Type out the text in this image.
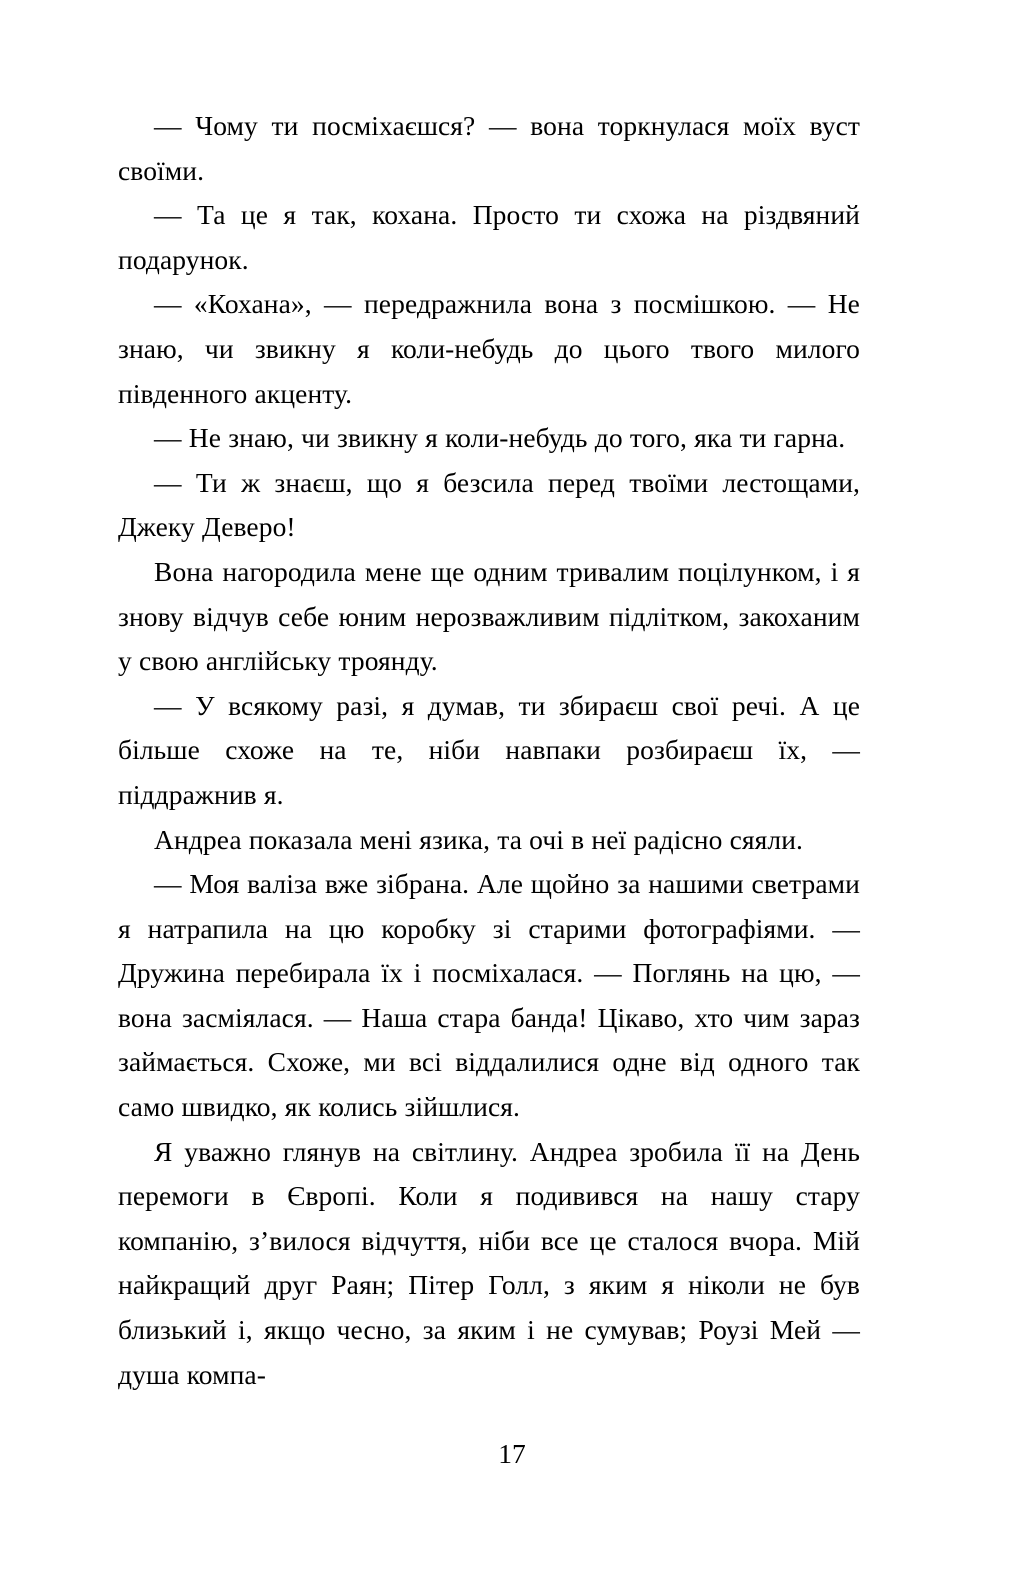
— Чому ти посміхаєшся? — вона торкнулася моїх вуст своїми.

— Та це я так, кохана. Просто ти схожа на різдвяний подарунок.

— «Кохана», — передражнила вона з посмішкою. — Не знаю, чи звикну я коли-небудь до цього твого милого південного акценту.

— Не знаю, чи звикну я коли-небудь до того, яка ти гарна.

— Ти ж знаєш, що я безсила перед твоїми лестощами, Джеку Деверо!

Вона нагородила мене ще одним тривалим поцілунком, і я знову відчув себе юним нерозважливим підлітком, закоханим у свою англійську троянду.

— У всякому разі, я думав, ти збираєш свої речі. А це більше схоже на те, ніби навпаки розбираєш їх, — піддражнив я.

Андреа показала мені язика, та очі в неї радісно сяяли.

— Моя валіза вже зібрана. Але щойно за нашими светрами я натрапила на цю коробку зі старими фотографіями. — Дружина перебирала їх і посміхалася. — Поглянь на цю, — вона засміялася. — Наша стара банда! Цікаво, хто чим зараз займається. Схоже, ми всі віддалилися одне від одного так само швидко, як колись зійшлися.

Я уважно глянув на світлину. Андреа зробила її на День перемоги в Європі. Коли я подивився на нашу стару компанію, з’вилося відчуття, ніби все це сталося вчора. Мій найкращий друг Раян; Пітер Голл, з яким я ніколи не був близький і, якщо чесно, за яким і не сумував; Роузі Мей — душа компа-

17
